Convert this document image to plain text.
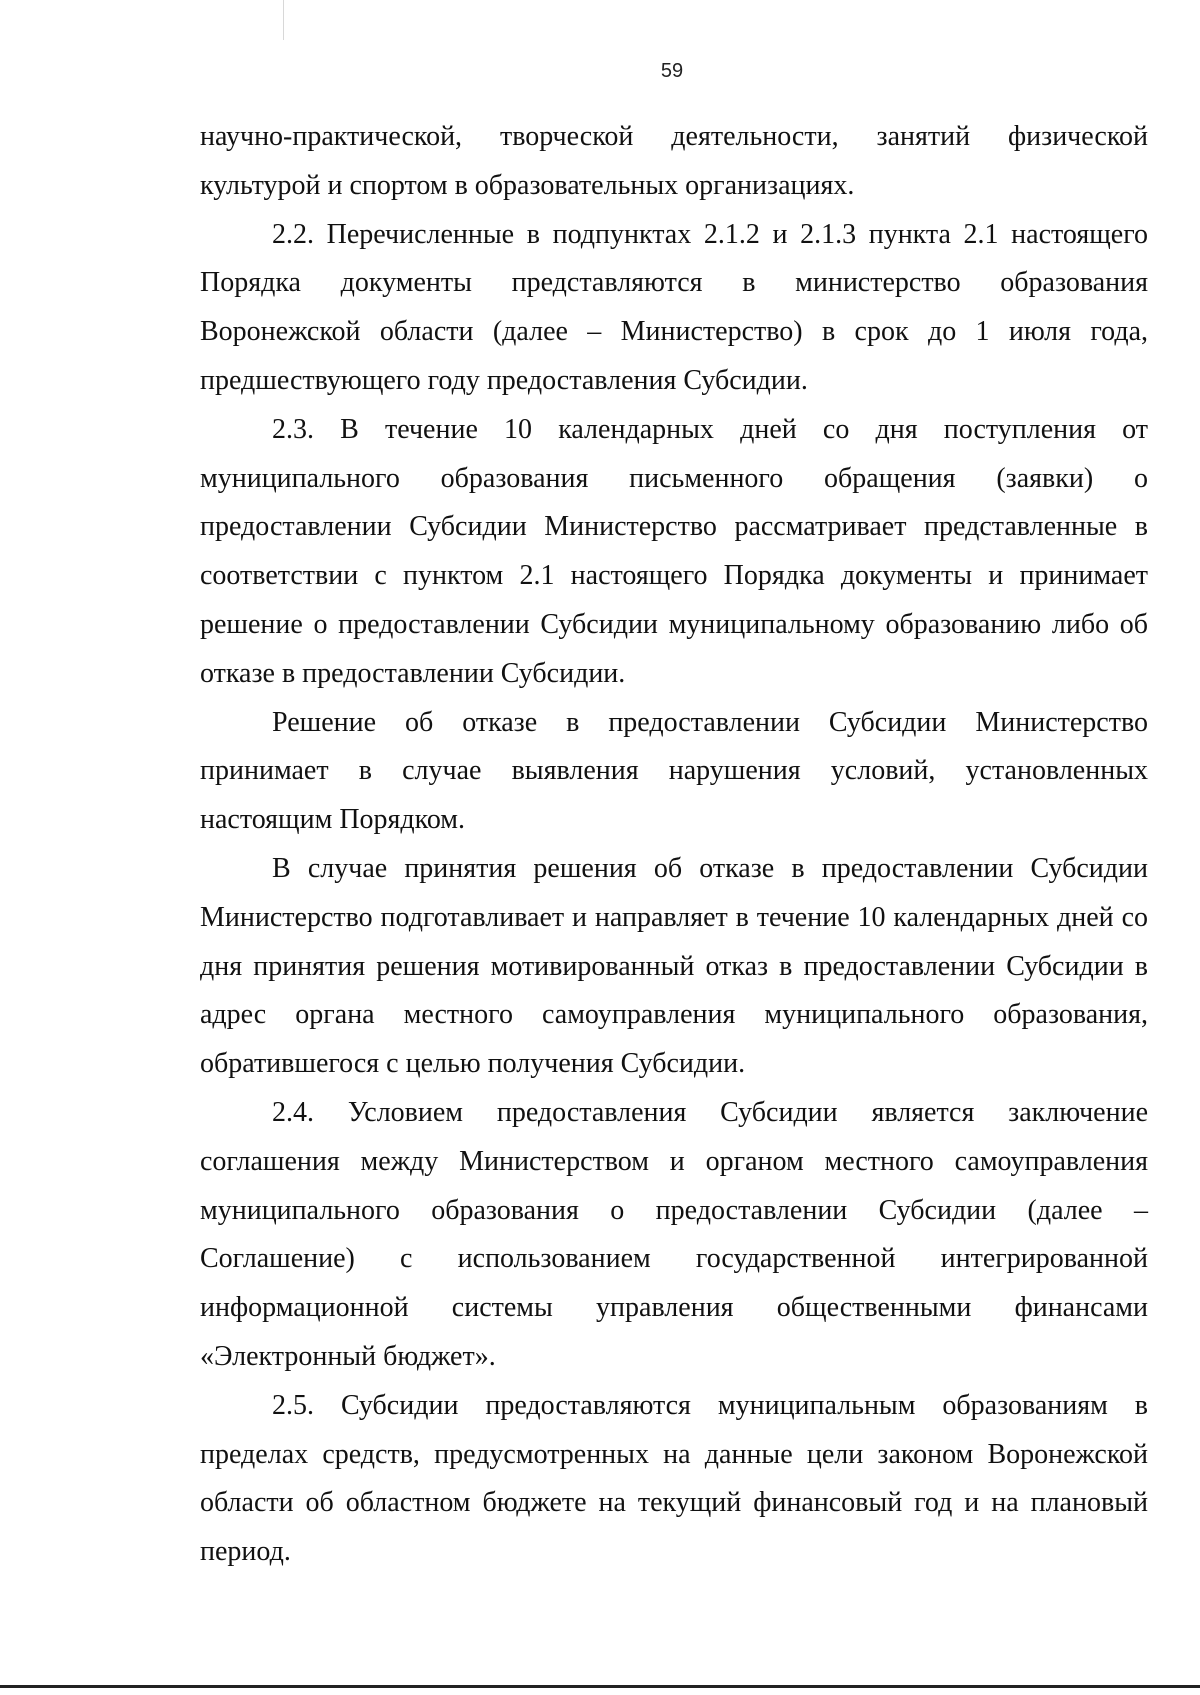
59

научно-практической, творческой деятельности, занятий физической культурой и спортом в образовательных организациях.

2.2. Перечисленные в подпунктах 2.1.2 и 2.1.3 пункта 2.1 настоящего Порядка документы представляются в министерство образования Воронежской области (далее – Министерство) в срок до 1 июля года, предшествующего году предоставления Субсидии.

2.3. В течение 10 календарных дней со дня поступления от муниципального образования письменного обращения (заявки) о предоставлении Субсидии Министерство рассматривает представленные в соответствии с пунктом 2.1 настоящего Порядка документы и принимает решение о предоставлении Субсидии муниципальному образованию либо об отказе в предоставлении Субсидии.

Решение об отказе в предоставлении Субсидии Министерство принимает в случае выявления нарушения условий, установленных настоящим Порядком.

В случае принятия решения об отказе в предоставлении Субсидии Министерство подготавливает и направляет в течение 10 календарных дней со дня принятия решения мотивированный отказ в предоставлении Субсидии в адрес органа местного самоуправления муниципального образования, обратившегося с целью получения Субсидии.

2.4. Условием предоставления Субсидии является заключение соглашения между Министерством и органом местного самоуправления муниципального образования о предоставлении Субсидии (далее – Соглашение) с использованием государственной интегрированной информационной системы управления общественными финансами «Электронный бюджет».

2.5. Субсидии предоставляются муниципальным образованиям в пределах средств, предусмотренных на данные цели законом Воронежской области об областном бюджете на текущий финансовый год и на плановый период.
